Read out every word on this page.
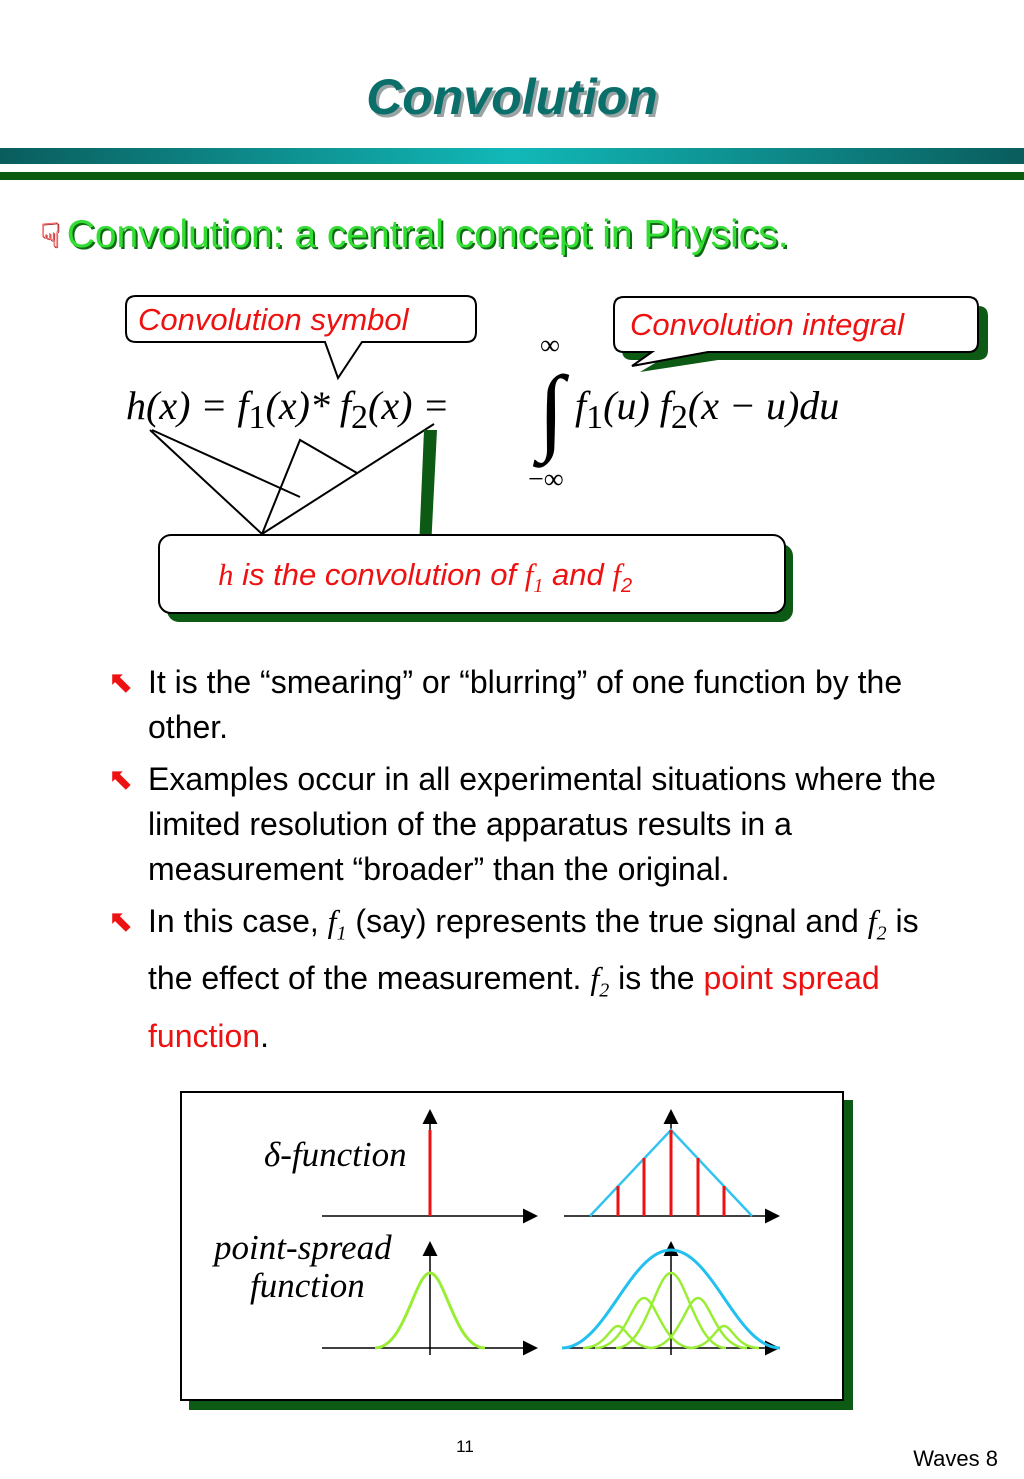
Convolution
☟ Convolution: a central concept in Physics.
Convolution symbol	Convolution integral
h is the convolution of $f_1$ and $f_2$
$h(x) = f_1(x)*$ $f_2(x)$ = ∫
∞
−∞
$f_1(u) f_2(x - u)du$
⬉ It is the “smearing” or “blurring” of one function by the other.
⬉ Examples occur in all experimental situations where the limited resolution of the apparatus results in a measurement “broader” than the original.
⬉ In this case, $f_1$ (say) represents the true signal and $f_2$ is the effect of the measurement. $f_2$ is the point spread function.
δ-function
point-spread
function
11	Waves 8
